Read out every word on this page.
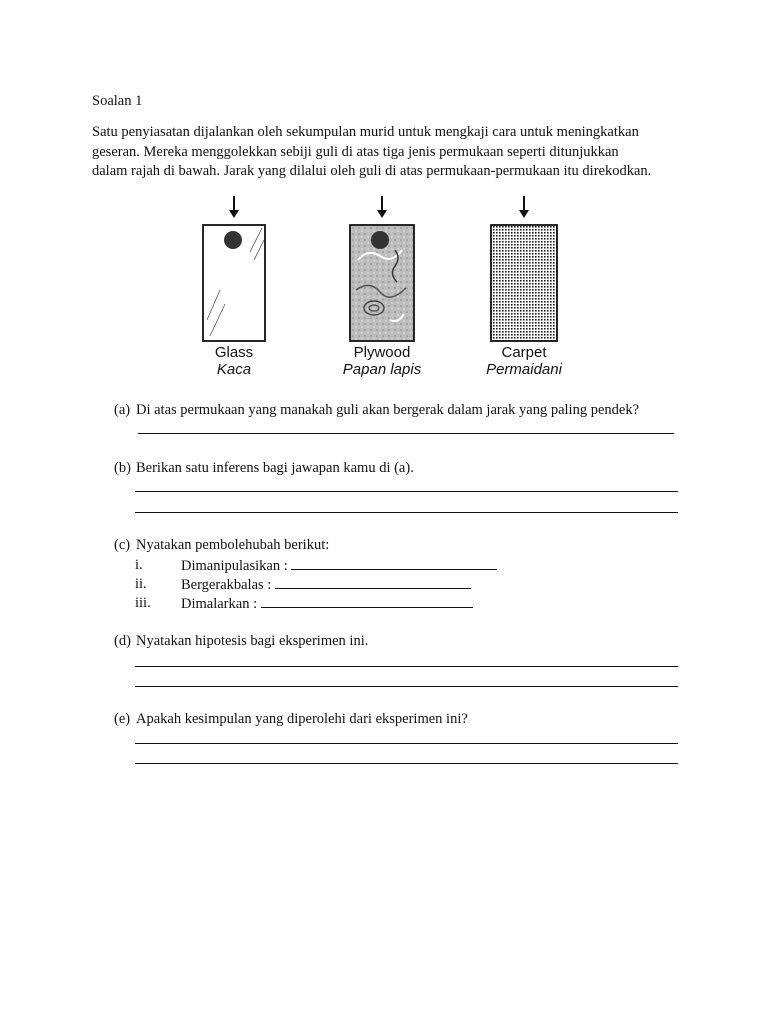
Soalan 1
Satu penyiasatan dijalankan oleh sekumpulan murid untuk mengkaji cara untuk meningkatkan
geseran. Mereka menggolekkan sebiji guli di atas tiga jenis permukaan seperti ditunjukkan
dalam rajah di bawah. Jarak yang dilalui oleh guli di atas permukaan-permukaan itu direkodkan.
Glass
Kaca
Plywood
Papan lapis
Carpet
Permaidani
(a) Di atas permukaan yang manakah guli akan bergerak dalam jarak yang paling pendek?
(b) Berikan satu inferens bagi jawapan kamu di (a).
(c) Nyatakan pembolehubah berikut:
i.	Dimanipulasikan :
ii. Bergerakbalas :
iii. Dimalarkan :
(d) Nyatakan hipotesis bagi eksperimen ini.
(e) Apakah kesimpulan yang diperolehi dari eksperimen ini?
